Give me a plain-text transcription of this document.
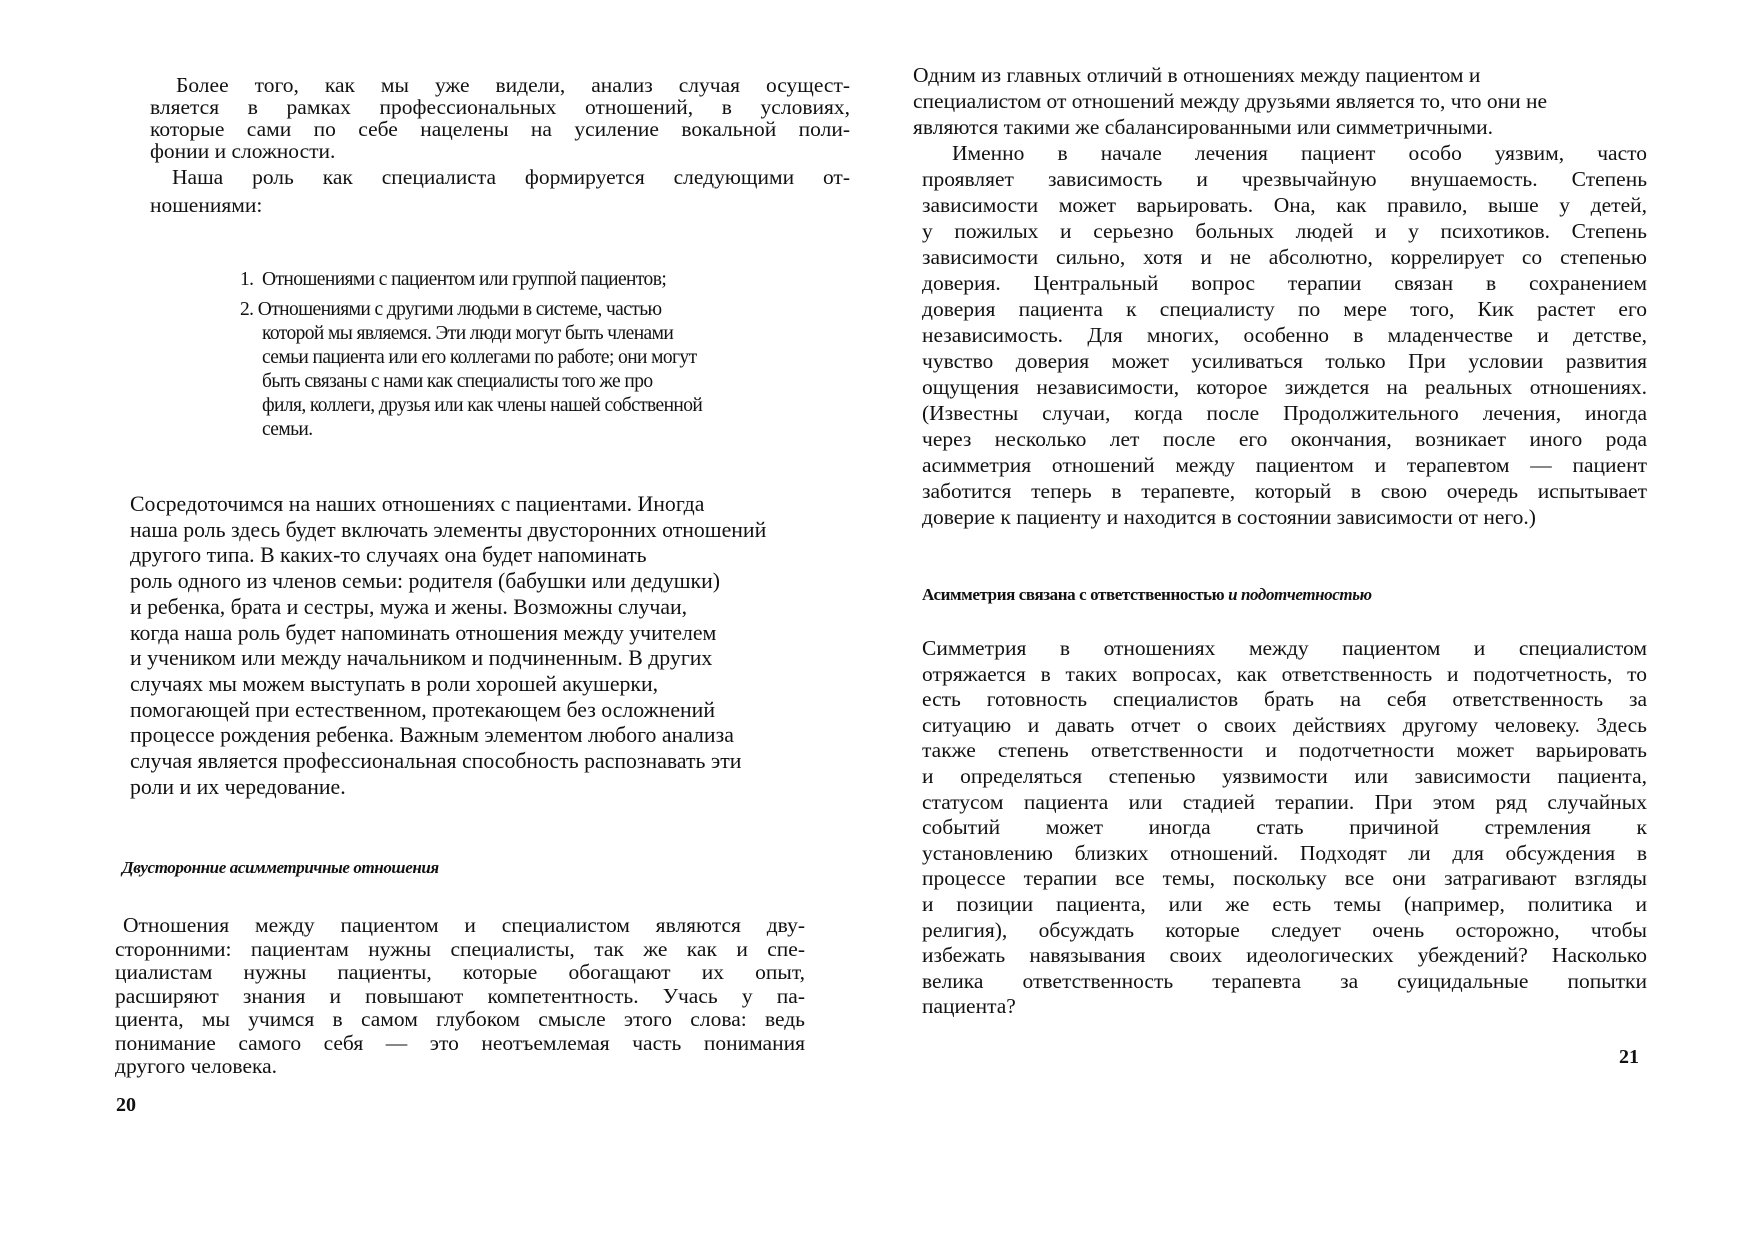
Более того, как мы уже видели, анализ случая осущест-
вляется в рамках профессиональных отношений, в условиях,
которые сами по себе нацелены на усиление вокальной поли-
фонии и сложности.
Наша роль как специалиста формируется следующими от-
ношениями:
1. Отношениями с пациентом или группой пациентов;
2. Отношениями с другими людьми в системе, частью
которой мы являемся. Эти люди могут быть членами
семьи пациента или его коллегами по работе; они могут
быть связаны с нами как специалисты того же про
филя, коллеги, друзья или как члены нашей собственной
семьи.
Сосредоточимся на наших отношениях с пациентами. Иногда
наша роль здесь будет включать элементы двусторонних отношений
другого типа. В каких-то случаях она будет напоминать
роль одного из членов семьи: родителя (бабушки или дедушки)
и ребенка, брата и сестры, мужа и жены. Возможны случаи,
когда наша роль будет напоминать отношения между учителем
и учеником или между начальником и подчиненным. В других
случаях мы можем выступать в роли хорошей акушерки,
помогающей при естественном, протекающем без осложнений
процессе рождения ребенка. Важным элементом любого анализа
случая является профессиональная способность распознавать эти
роли и их чередование.
Двусторонние асимметричные отношения
Отношения между пациентом и специалистом являются дву-
сторонними: пациентам нужны специалисты, так же как и спе-
циалистам нужны пациенты, которые обогащают их опыт,
расширяют знания и повышают компетентность. Учась у па-
циента, мы учимся в самом глубоком смысле этого слова: ведь
понимание самого себя — это неотъемлемая часть понимания
другого человека.
20
Одним из главных отличий в отношениях между пациентом и
специалистом от отношений между друзьями является то, что они не
являются такими же сбалансированными или симметричными.
Именно в начале лечения пациент особо уязвим, часто
проявляет зависимость и чрезвычайную внушаемость. Степень
зависимости может варьировать. Она, как правило, выше у детей,
у пожилых и серьезно больных людей и у психотиков. Степень
зависимости сильно, хотя и не абсолютно, коррелирует со степенью
доверия. Центральный вопрос терапии связан в сохранением
доверия пациента к специалисту по мере того, Кик растет его
независимость. Для многих, особенно в младенчестве и детстве,
чувство доверия может усиливаться только При условии развития
ощущения независимости, которое зиждется на реальных отношениях.
(Известны случаи, когда после Продолжительного лечения, иногда
через несколько лет после его окончания, возникает иного рода
асимметрия отношений между пациентом и терапевтом — пациент
заботится теперь в терапевте, который в свою очередь испытывает
доверие к пациенту и находится в состоянии зависимости от него.)
Асимметрия связана с ответственностью и подотчетностью
Симметрия в отношениях между пациентом и специалистом
отряжается в таких вопросах, как ответственность и подотчетность, то
есть готовность специалистов брать на себя ответственность за
ситуацию и давать отчет о своих действиях другому человеку. Здесь
также степень ответственности и подотчетности может варьировать
и определяться степенью уязвимости или зависимости пациента,
статусом пациента или стадией терапии. При этом ряд случайных
событий может иногда стать причиной стремления к
установлению близких отношений. Подходят ли для обсуждения в
процессе терапии все темы, поскольку все они затрагивают взгляды
и позиции пациента, или же есть темы (например, политика и
религия), обсуждать которые следует очень осторожно, чтобы
избежать навязывания своих идеологических убеждений? Насколько
велика ответственность терапевта за суицидальные попытки
пациента?
21
